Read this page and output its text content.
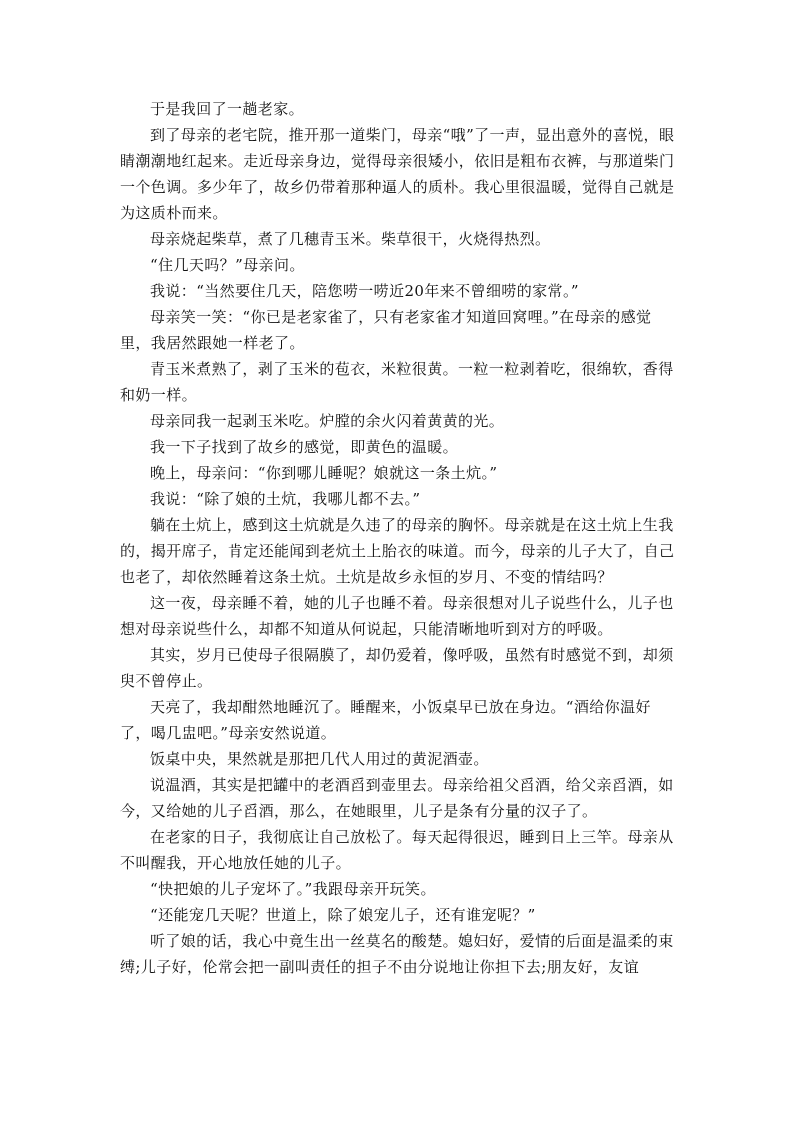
于是我回了一趟老家。

到了母亲的老宅院，推开那一道柴门，母亲“哦”了一声，显出意外的喜悦，眼睛潮潮地红起来。走近母亲身边，觉得母亲很矮小，依旧是粗布衣裤，与那道柴门一个色调。多少年了，故乡仍带着那种逼人的质朴。我心里很温暖，觉得自己就是为这质朴而来。

母亲烧起柴草，煮了几穗青玉米。柴草很干，火烧得热烈。

“住几天吗？”母亲问。

我说：“当然要住几天，陪您唠一唠近20年来不曾细唠的家常。”

母亲笑一笑：“你已是老家雀了，只有老家雀才知道回窝哩。”在母亲的感觉里，我居然跟她一样老了。

青玉米煮熟了，剥了玉米的苞衣，米粒很黄。一粒一粒剥着吃，很绵软，香得和奶一样。

母亲同我一起剥玉米吃。炉膛的余火闪着黄黄的光。

我一下子找到了故乡的感觉，即黄色的温暖。

晚上，母亲问：“你到哪儿睡呢？娘就这一条土炕。”

我说：“除了娘的土炕，我哪儿都不去。”

躺在土炕上，感到这土炕就是久违了的母亲的胸怀。母亲就是在这土炕上生我的，揭开席子，肯定还能闻到老炕土上胎衣的味道。而今，母亲的儿子大了，自己也老了，却依然睡着这条土炕。土炕是故乡永恒的岁月、不变的情结吗？

这一夜，母亲睡不着，她的儿子也睡不着。母亲很想对儿子说些什么，儿子也想对母亲说些什么，却都不知道从何说起，只能清晰地听到对方的呼吸。

其实，岁月已使母子很隔膜了，却仍爱着，像呼吸，虽然有时感觉不到，却须臾不曾停止。

天亮了，我却酣然地睡沉了。睡醒来，小饭桌早已放在身边。“酒给你温好了，喝几盅吧。”母亲安然说道。

饭桌中央，果然就是那把几代人用过的黄泥酒壶。

说温酒，其实是把罐中的老酒舀到壶里去。母亲给祖父舀酒，给父亲舀酒，如今，又给她的儿子舀酒，那么，在她眼里，儿子是条有分量的汉子了。

在老家的日子，我彻底让自己放松了。每天起得很迟，睡到日上三竿。母亲从不叫醒我，开心地放任她的儿子。

“快把娘的儿子宠坏了。”我跟母亲开玩笑。

“还能宠几天呢？世道上，除了娘宠儿子，还有谁宠呢？”

听了娘的话，我心中竟生出一丝莫名的酸楚。媳妇好，爱情的后面是温柔的束缚;儿子好，伦常会把一副叫责任的担子不由分说地让你担下去;朋友好，友谊
